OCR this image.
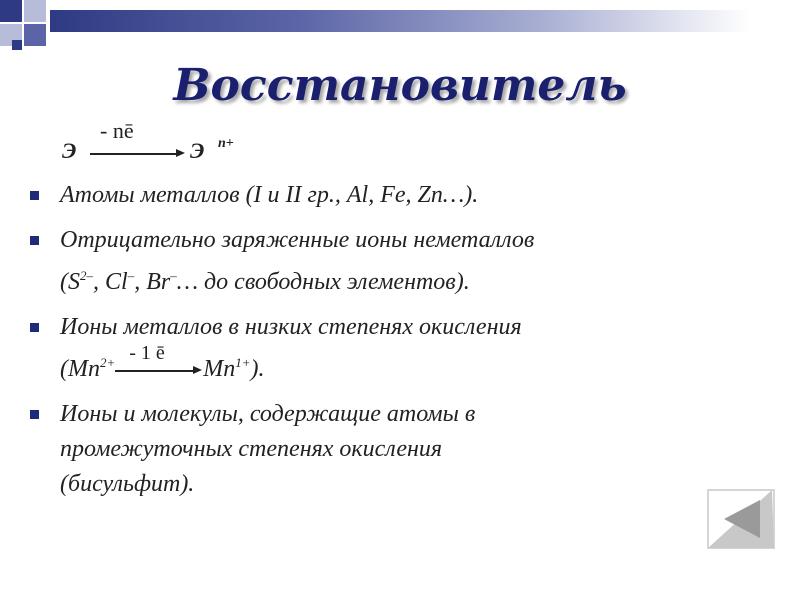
Восстановитель
Э
- nē
Э n+
Атомы металлов (I и II гр., Al, Fe, Zn…).
Отрицательно заряженные ионы неметаллов
($S^{2-}$, Cl–, Br–… до свободных элементов).
Ионы металлов в низких степенях окисления
($Mn^{2+} - 1$ ē
$Mn^{1+}$).
Ионы и молекулы, содержащие атомы в
промежуточных степенях окисления
(бисульфит).
